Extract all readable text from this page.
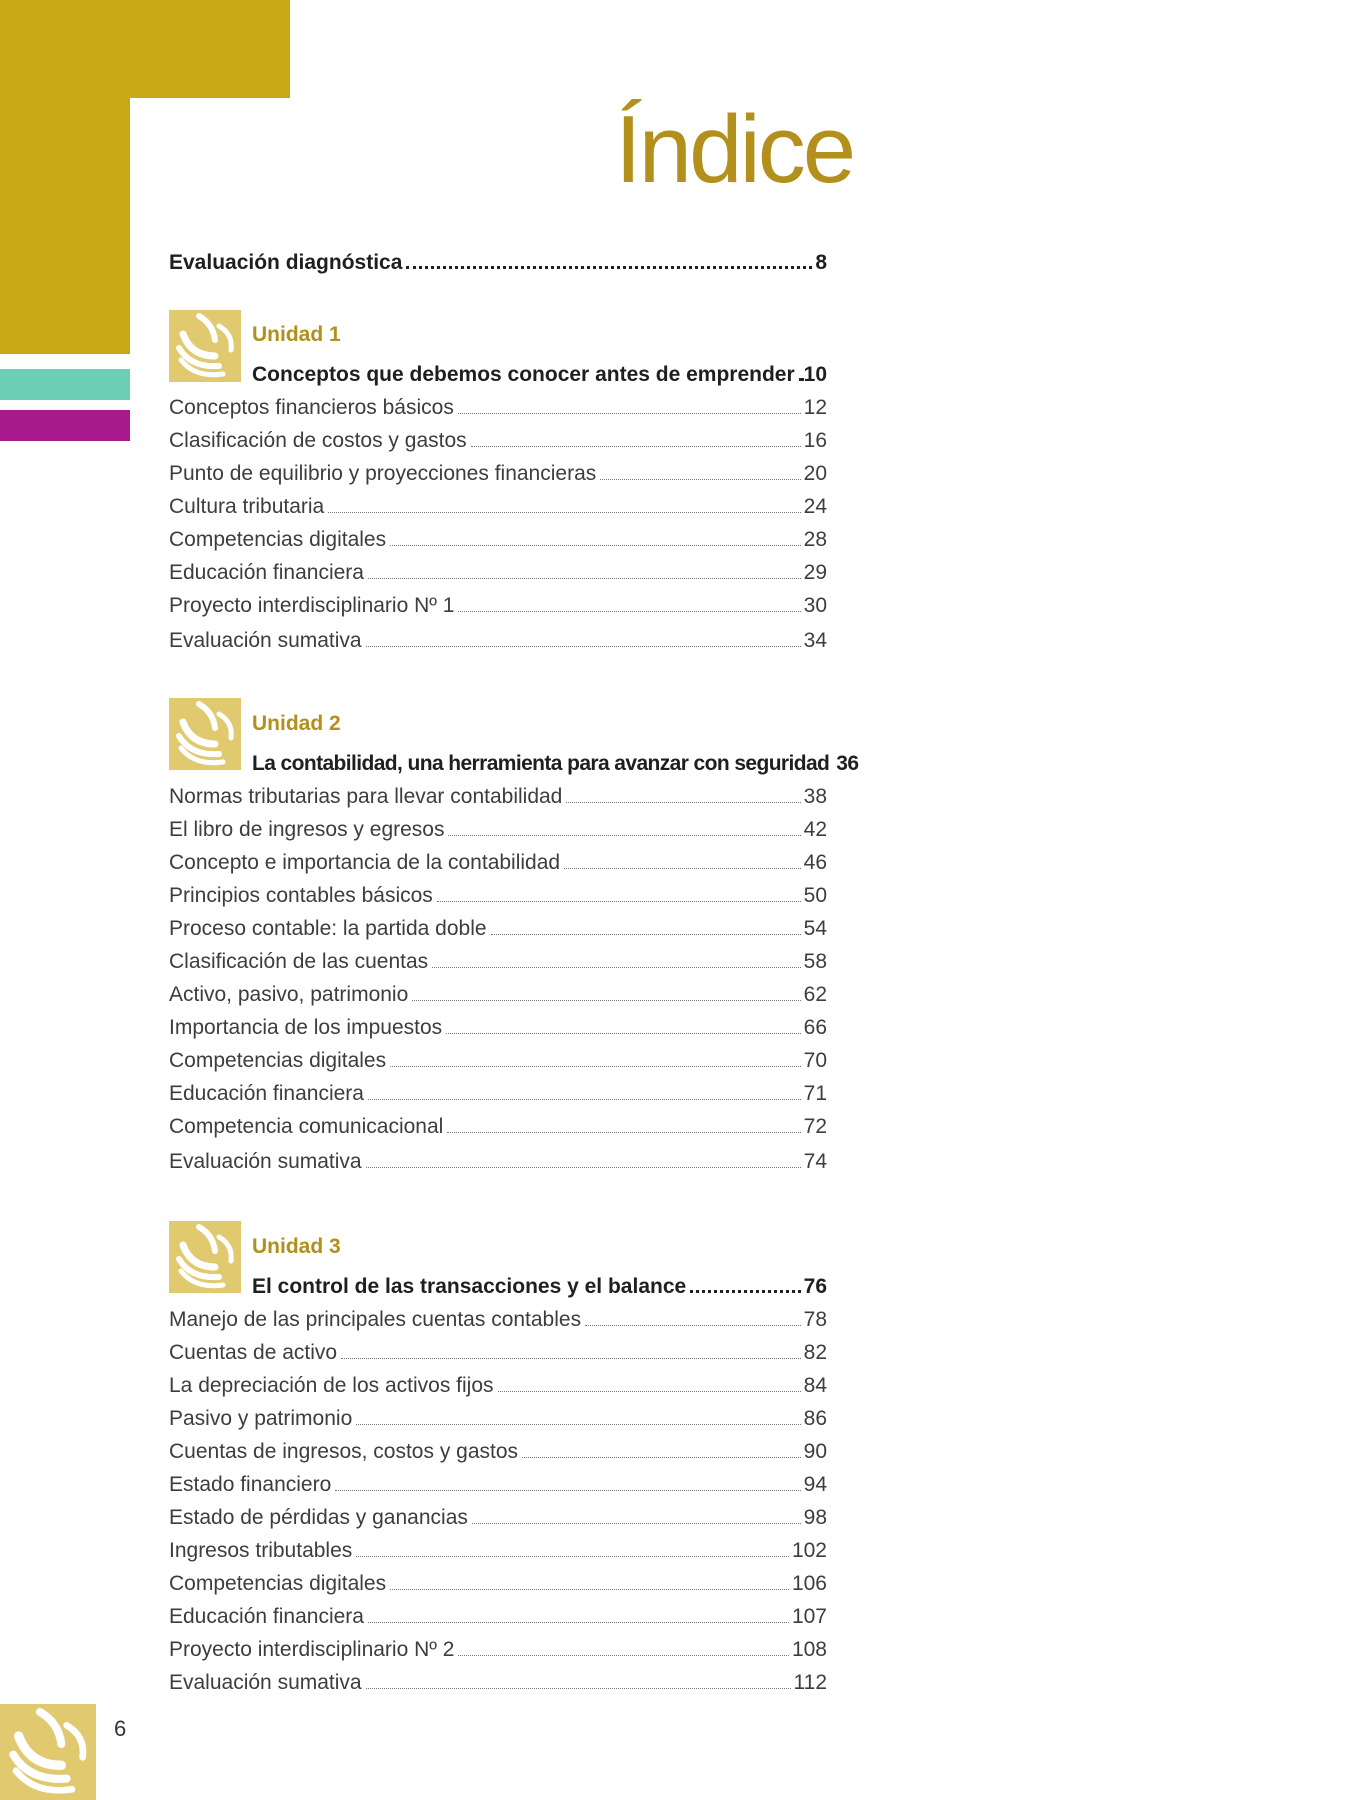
Índice
Evaluación diagnóstica	8
Unidad 1
Conceptos que debemos conocer antes de emprender 10
Conceptos financieros básicos	12
Clasificación de costos y gastos	16
Punto de equilibrio y proyecciones financieras	20
Cultura tributaria	24
Competencias digitales	28
Educación financiera	29
Proyecto interdisciplinario Nº 1	30
Evaluación sumativa	34
Unidad 2
La contabilidad, una herramienta para avanzar con seguridad 36
Normas tributarias para llevar contabilidad	38
El libro de ingresos y egresos	42
Concepto e importancia de la contabilidad	46
Principios contables básicos	50
Proceso contable: la partida doble	54
Clasificación de las cuentas	58
Activo, pasivo, patrimonio	62
Importancia de los impuestos	66
Competencias digitales	70
Educación financiera	71
Competencia comunicacional	72
Evaluación sumativa	74
Unidad 3
El control de las transacciones y el balance	76
Manejo de las principales cuentas contables	78
Cuentas de activo	82
La depreciación de los activos fijos	84
Pasivo y patrimonio	86
Cuentas de ingresos, costos y gastos	90
Estado financiero	94
Estado de pérdidas y ganancias	98
Ingresos tributables	102
Competencias digitales	106
Educación financiera	107
Proyecto interdisciplinario Nº 2	108
Evaluación sumativa	112
6
